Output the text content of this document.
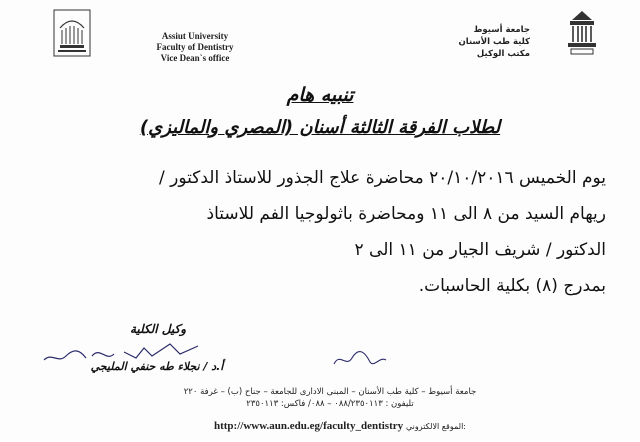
Assiut University
Faculty of Dentistry
Vice Dean`s office
جامعة أسيوط
كلية طب الأسنان
مكتب الوكيل
تنبيه هام
لطلاب الفرقة الثالثة أسنان (المصري والماليزي)
يوم الخميس ٢٠/١٠/٢٠١٦ محاضرة علاج الجذور للاستاذ الدكتور /
ريهام السيد من ٨ الى ١١ ومحاضرة باثولوجيا الفم للاستاذ
الدكتور / شريف الجيار من ١١ الى ٢
بمدرج (٨) بكلية الحاسبات.
وكيل الكلية
أ.د / نجلاء طه حنفي المليجي
جامعة أسيوط – كلية طب الأسنان – المبنى الادارى للجامعة – جناح (ب) – غرفة ٢٢٠
تليفون : ٠٨٨/٢٣٥٠١١٣ – ٠٨٨/ فاكس: ٢٣٥٠١١٣
http://www.aun.edu.eg/faculty_dentistry الموقع الالكتروني:
